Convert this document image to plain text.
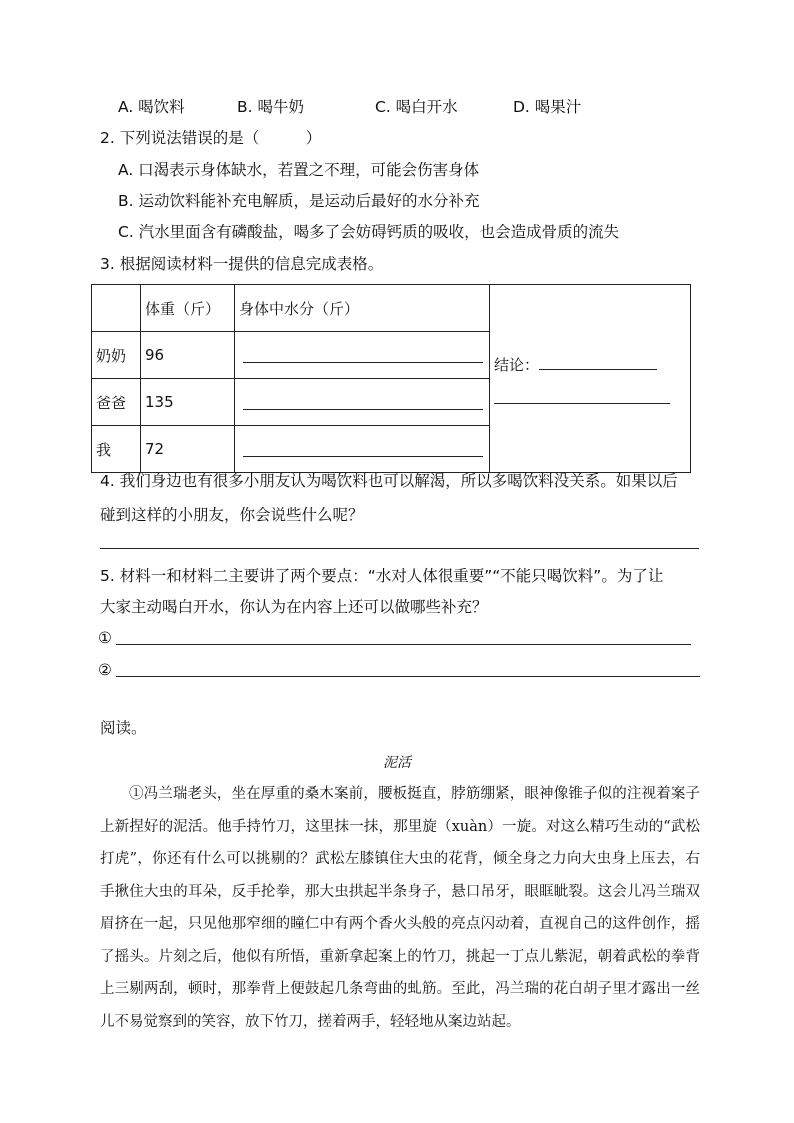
A. 喝饮料	B. 喝牛奶	C. 喝白开水	D. 喝果汁
2. 下列说法错误的是（　　　）
A. 口渴表示身体缺水，若置之不理，可能会伤害身体
B. 运动饮料能补充电解质，是运动后最好的水分补充
C. 汽水里面含有磷酸盐，喝多了会妨碍钙质的吸收，也会造成骨质的流失
3. 根据阅读材料一提供的信息完成表格。
	体重（斤）	身体中水分（斤）	结论：

奶奶	96		

爸爸	135		

我	72		
4. 我们身边也有很多小朋友认为喝饮料也可以解渴，所以多喝饮料没关系。如果以后
碰到这样的小朋友，你会说些什么呢？
5. 材料一和材料二主要讲了两个要点：“水对人体很重要”“不能只喝饮料”。为了让
大家主动喝白开水，你认为在内容上还可以做哪些补充？
①
②
阅读。
泥活

①冯兰瑞老头，坐在厚重的桑木案前，腰板挺直，脖筋绷紧，眼神像锥子似的注视着案子上新捏好的泥活。他手持竹刀，这里抹一抹，那里旋（xuàn）一旋。对这么精巧生动的“武松打虎”，你还有什么可以挑剔的？武松左膝镇住大虫的花背，倾全身之力向大虫身上压去，右手揪住大虫的耳朵，反手抡拳，那大虫拱起半条身子，悬口吊牙，眼眶眦裂。这会儿冯兰瑞双眉挤在一起，只见他那窄细的瞳仁中有两个香火头般的亮点闪动着，直视自己的这件创作，摇了摇头。片刻之后，他似有所悟，重新拿起案上的竹刀，挑起一丁点儿紫泥，朝着武松的拳背上三剔两刮，顿时，那拳背上便鼓起几条弯曲的虬筋。至此，冯兰瑞的花白胡子里才露出一丝儿不易觉察到的笑容，放下竹刀，搓着两手，轻轻地从案边站起。
